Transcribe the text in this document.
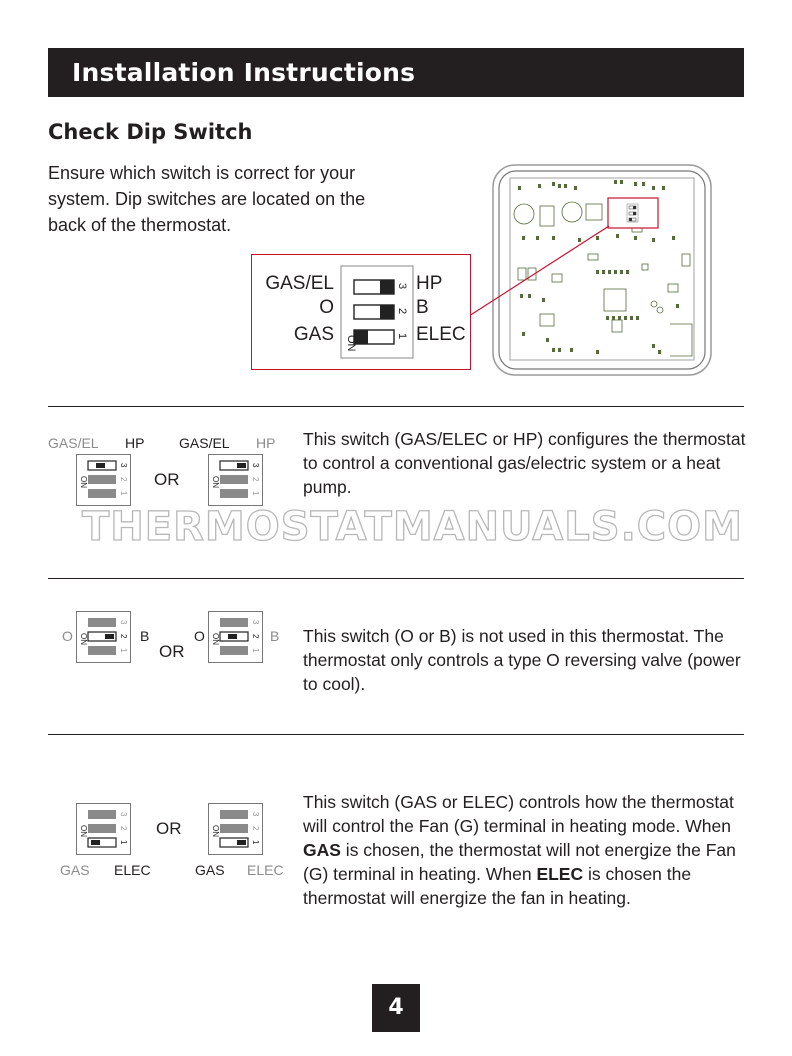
Installation Instructions
Check Dip Switch
Ensure which switch is correct for your system. Dip switches are located on the back of the thermostat.
GAS/EL
O
GAS ON
3
2
1
HP
B
ELEC
GAS/EL HP GAS/EL HP
ON
3
2
1
OR	ON
3
2
1
This switch (GAS/ELEC or HP) configures the thermostat to control a conventional gas/electric system or a heat pump.
THERMOSTATMANUALS.COM
O ON
3
2
1
B
OR
O ON
3
2
1
B This switch (O or B) is not used in this thermostat. The thermostat only controls a type O reversing valve (power to cool).
ON
3
2
1
OR	ON
3
2
1
GAS ELEC	GAS ELEC
This switch (GAS or ELEC) controls how the thermostat will control the Fan (G) terminal in heating mode. When GAS is chosen, the thermostat will not energize the Fan (G) terminal in heating. When ELEC is chosen the thermostat will energize the fan in heating.
4
